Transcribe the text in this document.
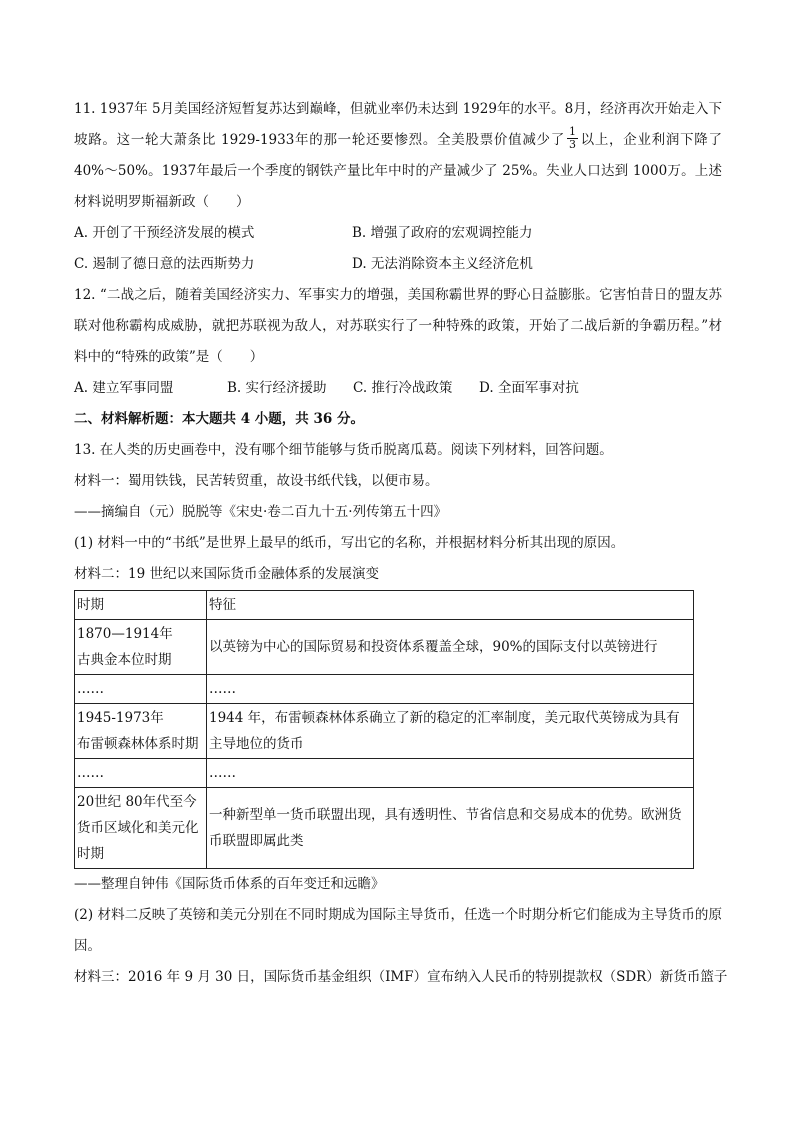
11. 1937年 5月美国经济短暂复苏达到巅峰，但就业率仍未达到 1929年的水平。8月，经济再次开始走入下坡路。这一轮大萧条比 1929-1933年的那一轮还要惨烈。全美股票价值减少了 $\frac{1}{3}$ 以上，企业利润下降了 40%～50%。1937年最后一个季度的钢铁产量比年中时的产量减少了 25%。失业人口达到 1000万。上述材料说明罗斯福新政（　　）

A. 开创了干预经济发展的模式	B. 增强了政府的宏观调控能力
C. 遏制了德日意的法西斯势力	D. 无法消除资本主义经济危机

12. “二战之后，随着美国经济实力、军事实力的增强，美国称霸世界的野心日益膨胀。它害怕昔日的盟友苏联对他称霸构成威胁，就把苏联视为敌人，对苏联实行了一种特殊的政策，开始了二战后新的争霸历程。”材料中的“特殊的政策”是（　　）

A. 建立军事同盟	B. 实行经济援助	C. 推行冷战政策	D. 全面军事对抗

二、材料解析题：本大题共 4 小题，共 36 分。

13. 在人类的历史画卷中，没有哪个细节能够与货币脱离瓜葛。阅读下列材料，回答问题。

材料一：蜀用铁钱，民苦转贸重，故设书纸代钱，以便市易。

——摘编自（元）脱脱等《宋史·卷二百九十五·列传第五十四》

(1) 材料一中的“书纸”是世界上最早的纸币，写出它的名称，并根据材料分析其出现的原因。

材料二：19 世纪以来国际货币金融体系的发展演变

时期	特征

1870—1914年
古典金本位时期	以英镑为中心的国际贸易和投资体系覆盖全球，90%的国际支付以英镑进行
……	……

1945-1973年
布雷顿森林体系时期	1944 年，布雷顿森林体系确立了新的稳定的汇率制度，美元取代英镑成为具有主导地位的货币
……	……
20世纪 80年代至今货币区域化和美元化时期	一种新型单一货币联盟出现，具有透明性、节省信息和交易成本的优势。欧洲货币联盟即属此类

——整理自钟伟《国际货币体系的百年变迁和远瞻》

(2) 材料二反映了英镑和美元分别在不同时期成为国际主导货币，任选一个时期分析它们能成为主导货币的原因。

材料三：2016 年 9 月 30 日，国际货币基金组织（IMF）宣布纳入人民币的特别提款权（SDR）新货币篮子
